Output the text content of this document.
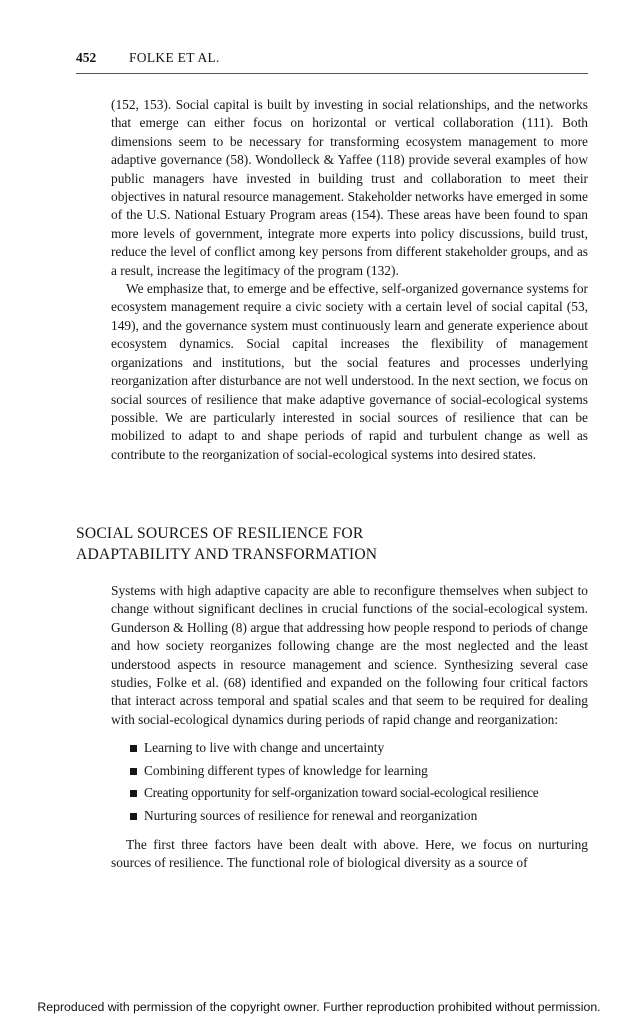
452 FOLKE ET AL.

(152, 153). Social capital is built by investing in social relationships, and the networks that emerge can either focus on horizontal or vertical collaboration (111). Both dimensions seem to be necessary for transforming ecosystem management to more adaptive governance (58). Wondolleck & Yaffee (118) provide several examples of how public managers have invested in building trust and collaboration to meet their objectives in natural resource management. Stakeholder networks have emerged in some of the U.S. National Estuary Program areas (154). These areas have been found to span more levels of government, integrate more experts into policy discussions, build trust, reduce the level of conflict among key persons from different stakeholder groups, and as a result, increase the legitimacy of the program (132).

We emphasize that, to emerge and be effective, self-organized governance systems for ecosystem management require a civic society with a certain level of social capital (53, 149), and the governance system must continuously learn and generate experience about ecosystem dynamics. Social capital increases the flexibility of management organizations and institutions, but the social features and processes underlying reorganization after disturbance are not well understood. In the next section, we focus on social sources of resilience that make adaptive governance of social-ecological systems possible. We are particularly interested in social sources of resilience that can be mobilized to adapt to and shape periods of rapid and turbulent change as well as contribute to the reorganization of social-ecological systems into desired states.

SOCIAL SOURCES OF RESILIENCE FOR
ADAPTABILITY AND TRANSFORMATION

Systems with high adaptive capacity are able to reconfigure themselves when subject to change without significant declines in crucial functions of the social-ecological system. Gunderson & Holling (8) argue that addressing how people respond to periods of change and how society reorganizes following change are the most neglected and the least understood aspects in resource management and science. Synthesizing several case studies, Folke et al. (68) identified and expanded on the following four critical factors that interact across temporal and spatial scales and that seem to be required for dealing with social-ecological dynamics during periods of rapid change and reorganization:

Learning to live with change and uncertainty
Combining different types of knowledge for learning
Creating opportunity for self-organization toward social-ecological resilience
Nurturing sources of resilience for renewal and reorganization

The first three factors have been dealt with above. Here, we focus on nurturing sources of resilience. The functional role of biological diversity as a source of

Reproduced with permission of the copyright owner. Further reproduction prohibited without permission.
